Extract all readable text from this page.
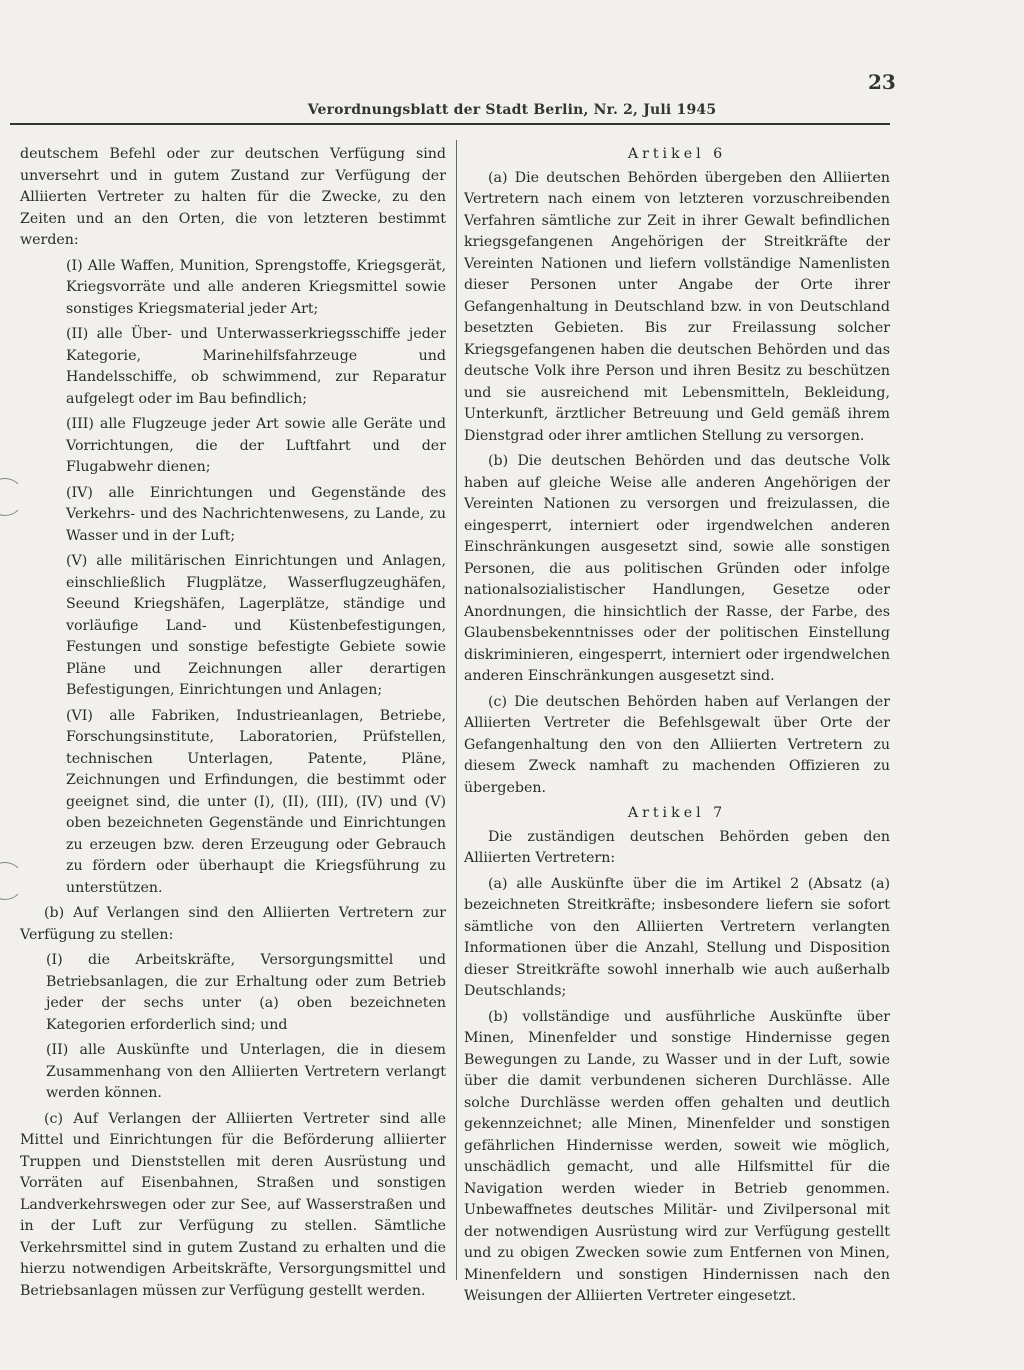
23
Verordnungsblatt der Stadt Berlin, Nr. 2, Juli 1945

deutschem Befehl oder zur deutschen Verfügung sind unversehrt und in gutem Zustand zur Verfügung der Alliierten Vertreter zu halten für die Zwecke, zu den Zeiten und an den Orten, die von letzteren bestimmt werden:

(I) Alle Waffen, Munition, Sprengstoffe, Kriegsgerät, Kriegsvorräte und alle anderen Kriegsmittel sowie sonstiges Kriegsmaterial jeder Art;

(II) alle Über- und Unterwasserkriegsschiffe jeder Kategorie, Marinehilfsfahrzeuge und Handelsschiffe, ob schwimmend, zur Reparatur aufgelegt oder im Bau befindlich;

(III) alle Flugzeuge jeder Art sowie alle Geräte und Vorrichtungen, die der Luftfahrt und der Flugabwehr dienen;

(IV) alle Einrichtungen und Gegenstände des Verkehrs- und des Nachrichtenwesens, zu Lande, zu Wasser und in der Luft;

(V) alle militärischen Einrichtungen und Anlagen, einschließlich Flugplätze, Wasserflugzeughäfen, Seeund Kriegshäfen, Lagerplätze, ständige und vorläufige Land- und Küstenbefestigungen, Festungen und sonstige befestigte Gebiete sowie Pläne und Zeichnungen aller derartigen Befestigungen, Einrichtungen und Anlagen;

(VI) alle Fabriken, Industrieanlagen, Betriebe, Forschungsinstitute, Laboratorien, Prüfstellen, technischen Unterlagen, Patente, Pläne, Zeichnungen und Erfindungen, die bestimmt oder geeignet sind, die unter (I), (II), (III), (IV) und (V) oben bezeichneten Gegenstände und Einrichtungen zu erzeugen bzw. deren Erzeugung oder Gebrauch zu fördern oder überhaupt die Kriegsführung zu unterstützen.

(b) Auf Verlangen sind den Alliierten Vertretern zur Verfügung zu stellen:

(I) die Arbeitskräfte, Versorgungsmittel und Betriebsanlagen, die zur Erhaltung oder zum Betrieb jeder der sechs unter (a) oben bezeichneten Kategorien erforderlich sind; und

(II) alle Auskünfte und Unterlagen, die in diesem Zusammenhang von den Alliierten Vertretern verlangt werden können.

(c) Auf Verlangen der Alliierten Vertreter sind alle Mittel und Einrichtungen für die Beförderung alliierter Truppen und Dienststellen mit deren Ausrüstung und Vorräten auf Eisenbahnen, Straßen und sonstigen Landverkehrswegen oder zur See, auf Wasserstraßen und in der Luft zur Verfügung zu stellen. Sämtliche Verkehrsmittel sind in gutem Zustand zu erhalten und die hierzu notwendigen Arbeitskräfte, Versorgungsmittel und Betriebsanlagen müssen zur Verfügung gestellt werden.

Artikel 6

(a) Die deutschen Behörden übergeben den Alliierten Vertretern nach einem von letzteren vorzuschreibenden Verfahren sämtliche zur Zeit in ihrer Gewalt befindlichen kriegsgefangenen Angehörigen der Streitkräfte der Vereinten Nationen und liefern vollständige Namenlisten dieser Personen unter Angabe der Orte ihrer Gefangenhaltung in Deutschland bzw. in von Deutschland besetzten Gebieten. Bis zur Freilassung solcher Kriegsgefangenen haben die deutschen Behörden und das deutsche Volk ihre Person und ihren Besitz zu beschützen und sie ausreichend mit Lebensmitteln, Bekleidung, Unterkunft, ärztlicher Betreuung und Geld gemäß ihrem Dienstgrad oder ihrer amtlichen Stellung zu versorgen.

(b) Die deutschen Behörden und das deutsche Volk haben auf gleiche Weise alle anderen Angehörigen der Vereinten Nationen zu versorgen und freizulassen, die eingesperrt, interniert oder irgendwelchen anderen Einschränkungen ausgesetzt sind, sowie alle sonstigen Personen, die aus politischen Gründen oder infolge nationalsozialistischer Handlungen, Gesetze oder Anordnungen, die hinsichtlich der Rasse, der Farbe, des Glaubensbekenntnisses oder der politischen Einstellung diskriminieren, eingesperrt, interniert oder irgendwelchen anderen Einschränkungen ausgesetzt sind.

(c) Die deutschen Behörden haben auf Verlangen der Alliierten Vertreter die Befehlsgewalt über Orte der Gefangenhaltung den von den Alliierten Vertretern zu diesem Zweck namhaft zu machenden Offizieren zu übergeben.

Artikel 7

Die zuständigen deutschen Behörden geben den Alliierten Vertretern:

(a) alle Auskünfte über die im Artikel 2 (Absatz (a) bezeichneten Streitkräfte; insbesondere liefern sie sofort sämtliche von den Alliierten Vertretern verlangten Informationen über die Anzahl, Stellung und Disposition dieser Streitkräfte sowohl innerhalb wie auch außerhalb Deutschlands;

(b) vollständige und ausführliche Auskünfte über Minen, Minenfelder und sonstige Hindernisse gegen Bewegungen zu Lande, zu Wasser und in der Luft, sowie über die damit verbundenen sicheren Durchlässe. Alle solche Durchlässe werden offen gehalten und deutlich gekennzeichnet; alle Minen, Minenfelder und sonstigen gefährlichen Hindernisse werden, soweit wie möglich, unschädlich gemacht, und alle Hilfsmittel für die Navigation werden wieder in Betrieb genommen. Unbewaffnetes deutsches Militär- und Zivilpersonal mit der notwendigen Ausrüstung wird zur Verfügung gestellt und zu obigen Zwecken sowie zum Entfernen von Minen, Minenfeldern und sonstigen Hindernissen nach den Weisungen der Alliierten Vertreter eingesetzt.
